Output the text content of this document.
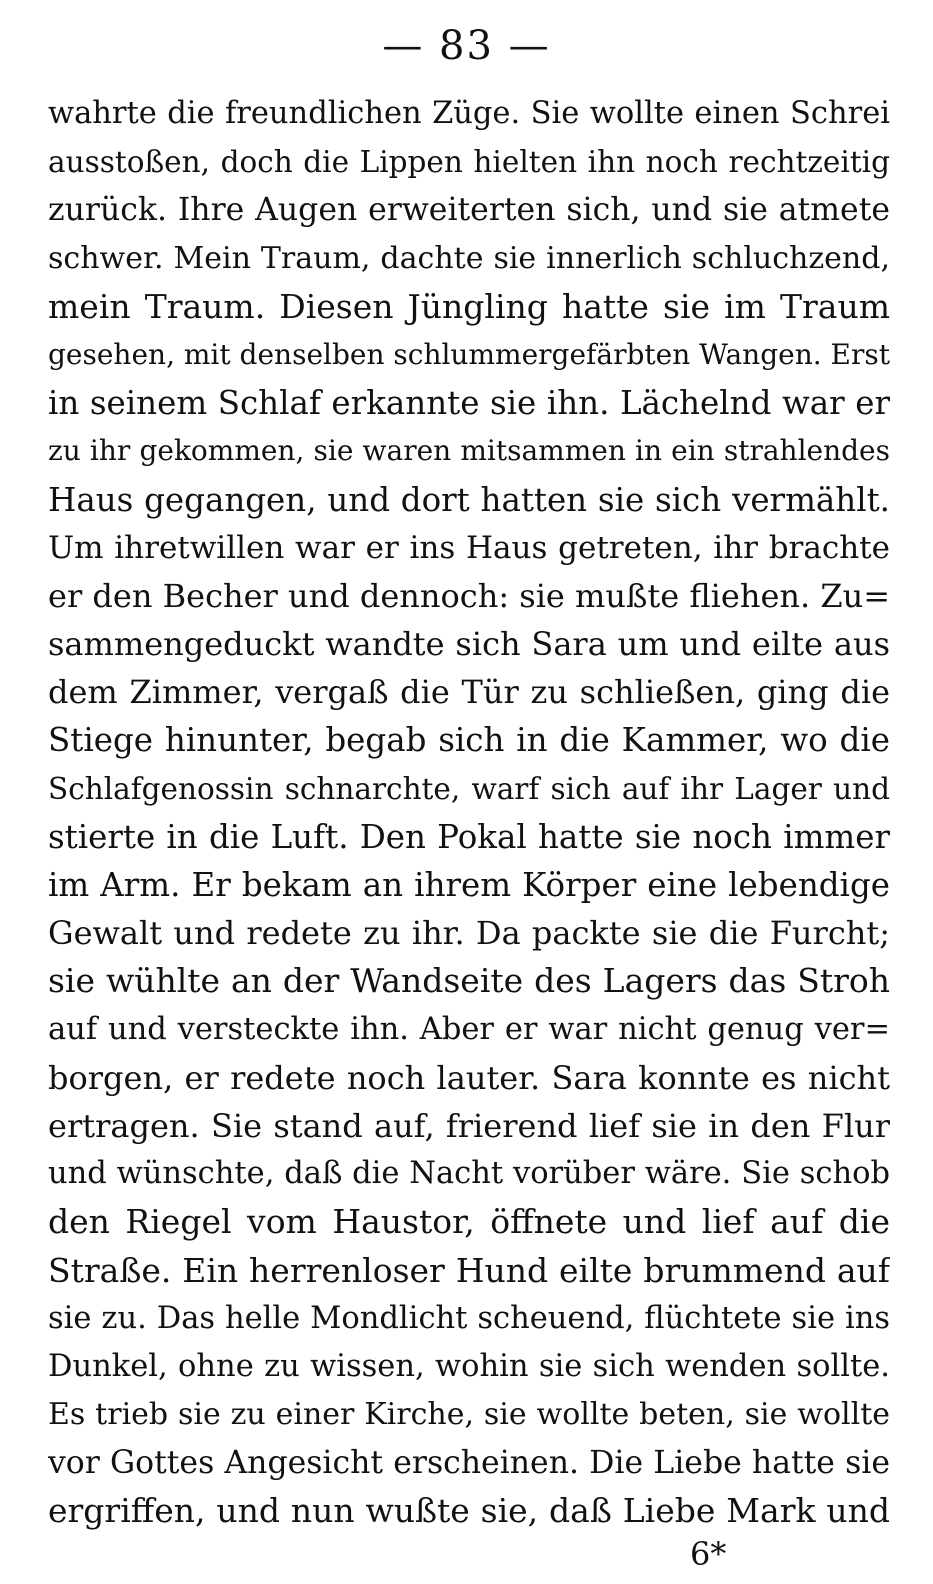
— 83 —
wahrte die freundlichen Züge. Sie wollte einen Schrei
ausstoßen, doch die Lippen hielten ihn noch rechtzeitig
zurück. Ihre Augen erweiterten sich, und sie atmete
schwer. Mein Traum, dachte sie innerlich schluchzend,
mein Traum. Diesen Jüngling hatte sie im Traum
gesehen, mit denselben schlummergefärbten Wangen. Erst
in seinem Schlaf erkannte sie ihn. Lächelnd war er
zu ihr gekommen, sie waren mitsammen in ein strahlendes
Haus gegangen, und dort hatten sie sich vermählt.
Um ihretwillen war er ins Haus getreten, ihr brachte
er den Becher und dennoch: sie mußte fliehen. Zu=
sammengeduckt wandte sich Sara um und eilte aus
dem Zimmer, vergaß die Tür zu schließen, ging die
Stiege hinunter, begab sich in die Kammer, wo die
Schlafgenossin schnarchte, warf sich auf ihr Lager und
stierte in die Luft. Den Pokal hatte sie noch immer
im Arm. Er bekam an ihrem Körper eine lebendige
Gewalt und redete zu ihr. Da packte sie die Furcht;
sie wühlte an der Wandseite des Lagers das Stroh
auf und versteckte ihn. Aber er war nicht genug ver=
borgen, er redete noch lauter. Sara konnte es nicht
ertragen. Sie stand auf, frierend lief sie in den Flur
und wünschte, daß die Nacht vorüber wäre. Sie schob
den Riegel vom Haustor, öffnete und lief auf die
Straße. Ein herrenloser Hund eilte brummend auf
sie zu. Das helle Mondlicht scheuend, flüchtete sie ins
Dunkel, ohne zu wissen, wohin sie sich wenden sollte.
Es trieb sie zu einer Kirche, sie wollte beten, sie wollte
vor Gottes Angesicht erscheinen. Die Liebe hatte sie
ergriffen, und nun wußte sie, daß Liebe Mark und
6*
